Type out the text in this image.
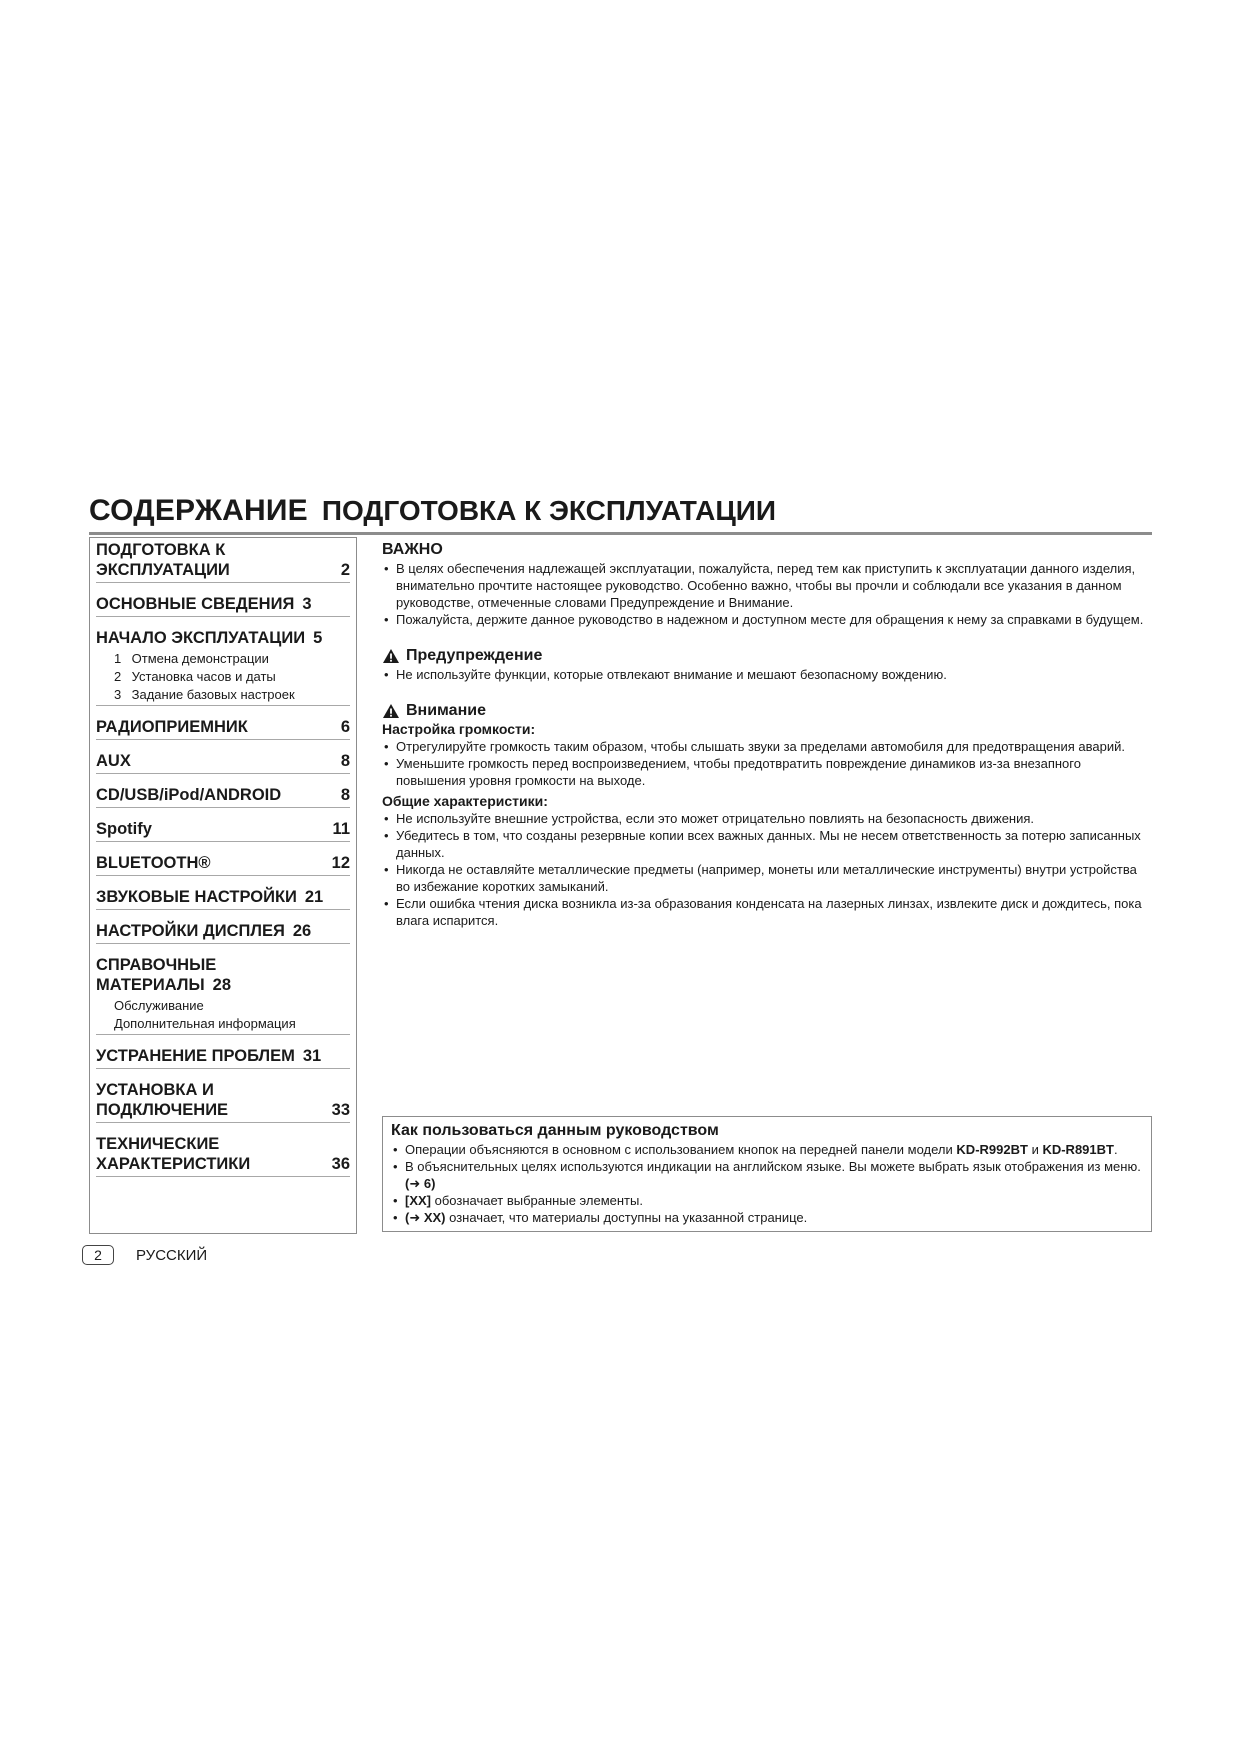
СОДЕРЖАНИЕ ПОДГОТОВКА К ЭКСПЛУАТАЦИИ
ПОДГОТОВКА К
ЭКСПЛУАТАЦИИ	2
ОСНОВНЫЕ СВЕДЕНИЯ 3
НАЧАЛО ЭКСПЛУАТАЦИИ 5
1 Отмена демонстрации
2 Установка часов и даты
3 Задание базовых настроек
РАДИОПРИЕМНИК	6
AUX	8
CD/USB/iPod/ANDROID	8
Spotify	11
BLUETOOTH®	12
ЗВУКОВЫЕ НАСТРОЙКИ 21
НАСТРОЙКИ ДИСПЛЕЯ 26
СПРАВОЧНЫЕ МАТЕРИАЛЫ 28
Обслуживание
Дополнительная информация
УСТРАНЕНИЕ ПРОБЛЕМ 31
УСТАНОВКА И
ПОДКЛЮЧЕНИЕ	33
ТЕХНИЧЕСКИЕ
ХАРАКТЕРИСТИКИ	36
ВАЖНО
• В целях обеспечения надлежащей эксплуатации, пожалуйста, перед тем как приступить к эксплуатации данного изделия, внимательно прочтите настоящее руководство. Особенно важно, чтобы вы прочли и соблюдали все указания в данном руководстве, отмеченные словами Предупреждение и Внимание.
• Пожалуйста, держите данное руководство в надежном и доступном месте для обращения к нему за справками в будущем.
Предупреждение
• Не используйте функции, которые отвлекают внимание и мешают безопасному вождению.
Внимание
Настройка громкости:
• Отрегулируйте громкость таким образом, чтобы слышать звуки за пределами автомобиля для предотвращения аварий.
• Уменьшите громкость перед воспроизведением, чтобы предотвратить повреждение динамиков из-за внезапного повышения уровня громкости на выходе.
Общие характеристики:
• Не используйте внешние устройства, если это может отрицательно повлиять на безопасность движения.
• Убедитесь в том, что созданы резервные копии всех важных данных. Мы не несем ответственность за потерю записанных данных.
• Никогда не оставляйте металлические предметы (например, монеты или металлические инструменты) внутри устройства во избежание коротких замыканий.
• Если ошибка чтения диска возникла из-за образования конденсата на лазерных линзах, извлеките диск и дождитесь, пока влага испарится.
Как пользоваться данным руководством
• Операции объясняются в основном с использованием кнопок на передней панели модели KD-R992BT и KD-R891BT.
• В объяснительных целях используются индикации на английском языке. Вы можете выбрать язык отображения из меню. (➜ 6)
• [XX] обозначает выбранные элементы.
• (➜ XX) означает, что материалы доступны на указанной странице.
2	РУССКИЙ
